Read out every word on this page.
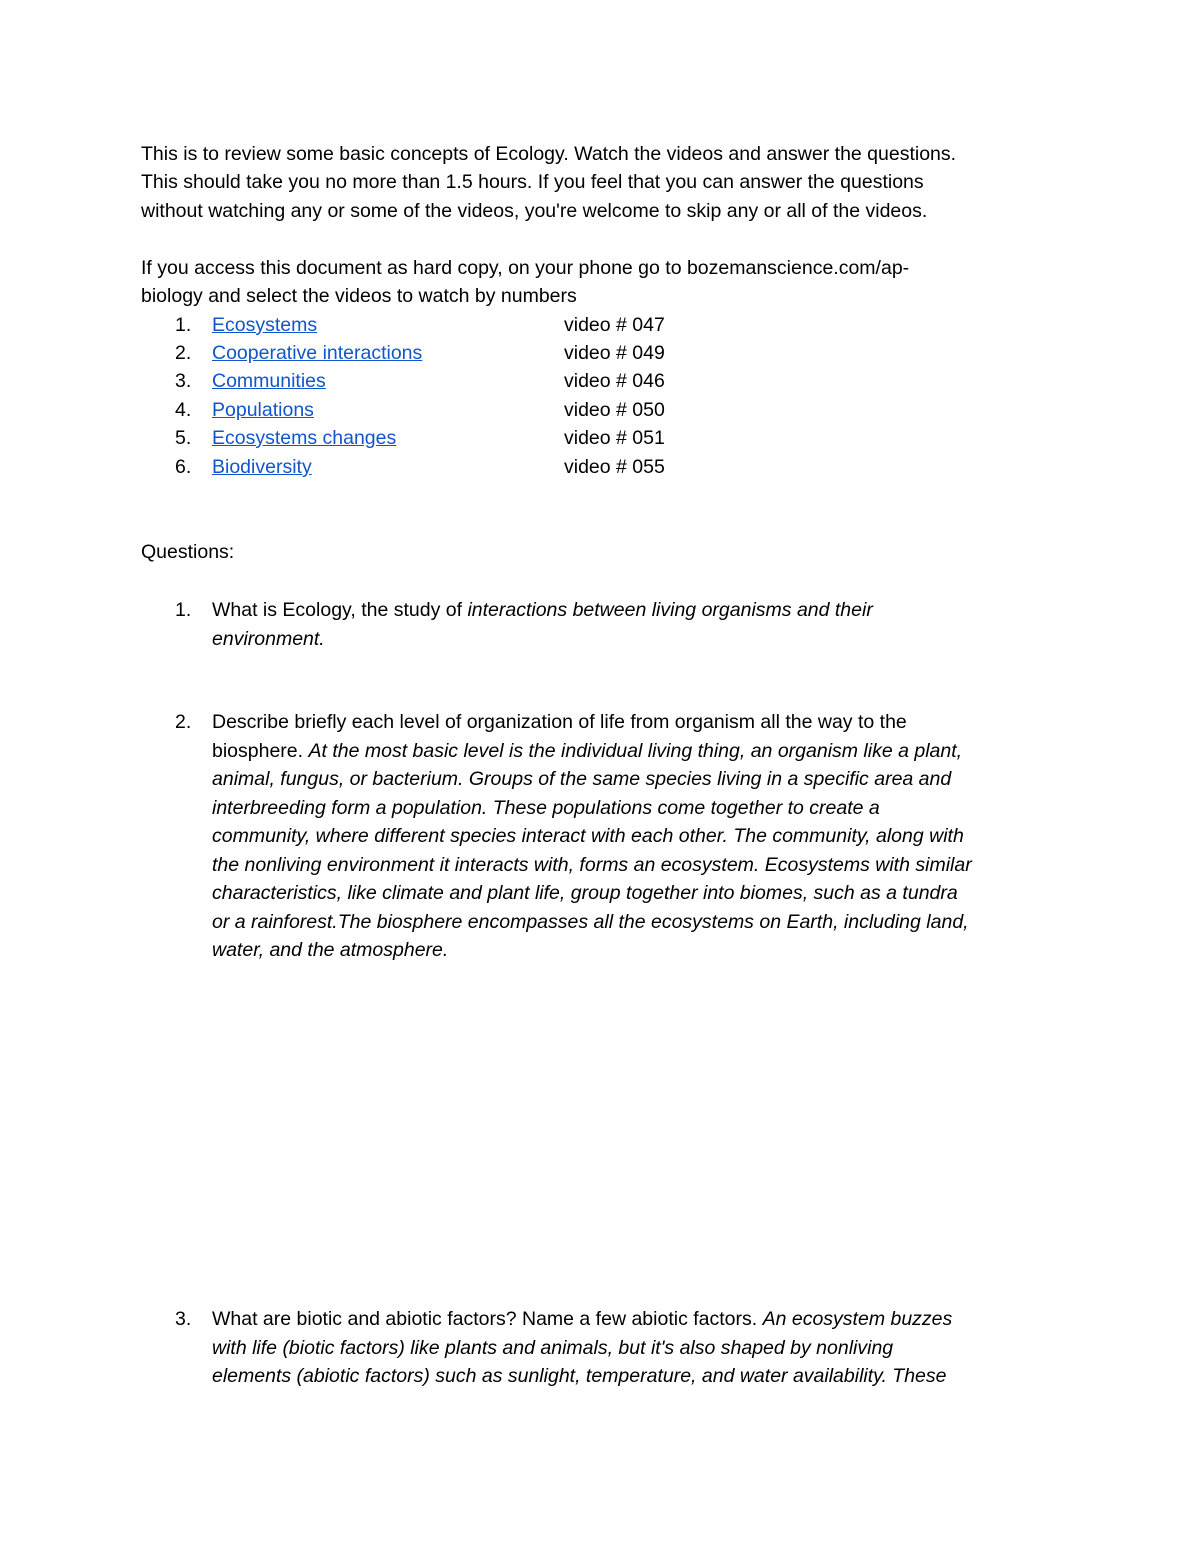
This is to review some basic concepts of Ecology. Watch the videos and answer the questions.
This should take you no more than 1.5 hours. If you feel that you can answer the questions
without watching any or some of the videos, you're welcome to skip any or all of the videos.
If you access this document as hard copy, on your phone go to bozemanscience.com/ap-
biology and select the videos to watch by numbers
1. Ecosystems	video # 047
2. Cooperative interactions	video # 049
3. Communities	video # 046
4. Populations	video # 050
5. Ecosystems changes	video # 051
6. Biodiversity	video # 055
Questions:
1. What is Ecology, the study of interactions between living organisms and their
environment.
2. Describe briefly each level of organization of life from organism all the way to the
biosphere. At the most basic level is the individual living thing, an organism like a plant,
animal, fungus, or bacterium. Groups of the same species living in a specific area and
interbreeding form a population. These populations come together to create a
community, where different species interact with each other. The community, along with
the nonliving environment it interacts with, forms an ecosystem. Ecosystems with similar
characteristics, like climate and plant life, group together into biomes, such as a tundra
or a rainforest.The biosphere encompasses all the ecosystems on Earth, including land,
water, and the atmosphere.
3. What are biotic and abiotic factors? Name a few abiotic factors. An ecosystem buzzes
with life (biotic factors) like plants and animals, but it's also shaped by nonliving
elements (abiotic factors) such as sunlight, temperature, and water availability. These
